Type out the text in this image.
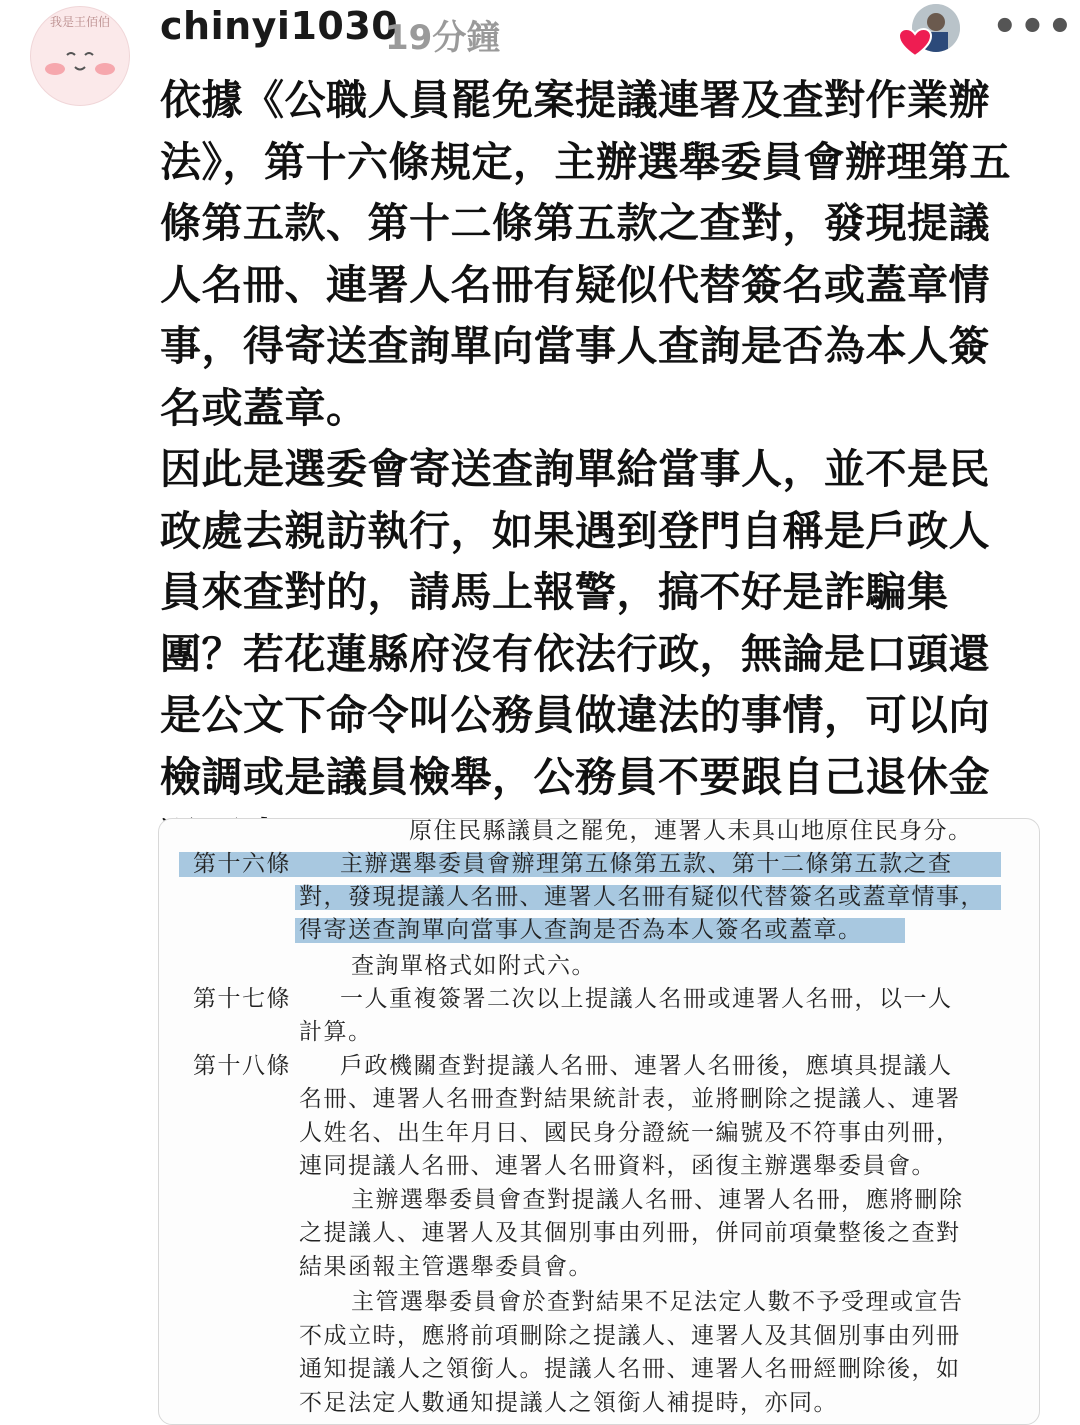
我是王佰伯	chinyi1030
19分鐘	•••

依據《公職人員罷免案提議連署及查對作業辦法》，第十六條規定，主辦選舉委員會辦理第五條第五款、第十二條第五款之查對，發現提議人名冊、連署人名冊有疑似代替簽名或蓋章情事，得寄送查詢單向當事人查詢是否為本人簽名或蓋章。

因此是選委會寄送查詢單給當事人，並不是民政處去親訪執行，如果遇到登門自稱是戶政人員來查對的，請馬上報警，搞不好是詐騙集團？若花蓮縣府沒有依法行政，無論是口頭還是公文下命令叫公務員做違法的事情，可以向檢調或是議員檢舉，公務員不要跟自己退休金

原住民縣議員之罷免，連署人未具山地原住民身分。
第十六條　　主辦選舉委員會辦理第五條第五款、第十二條第五款之查
對，發現提議人名冊、連署人名冊有疑似代替簽名或蓋章情事，
得寄送查詢單向當事人查詢是否為本人簽名或蓋章。
查詢單格式如附式六。
第十七條　　一人重複簽署二次以上提議人名冊或連署人名冊，以一人
計算。
第十八條　　戶政機關查對提議人名冊、連署人名冊後，應填具提議人
名冊、連署人名冊查對結果統計表，並將刪除之提議人、連署
人姓名、出生年月日、國民身分證統一編號及不符事由列冊，
連同提議人名冊、連署人名冊資料，函復主辦選舉委員會。
主辦選舉委員會查對提議人名冊、連署人名冊，應將刪除
之提議人、連署人及其個別事由列冊，併同前項彙整後之查對
結果函報主管選舉委員會。
主管選舉委員會於查對結果不足法定人數不予受理或宣告
不成立時，應將前項刪除之提議人、連署人及其個別事由列冊
通知提議人之領銜人。提議人名冊、連署人名冊經刪除後，如
不足法定人數通知提議人之領銜人補提時，亦同。
